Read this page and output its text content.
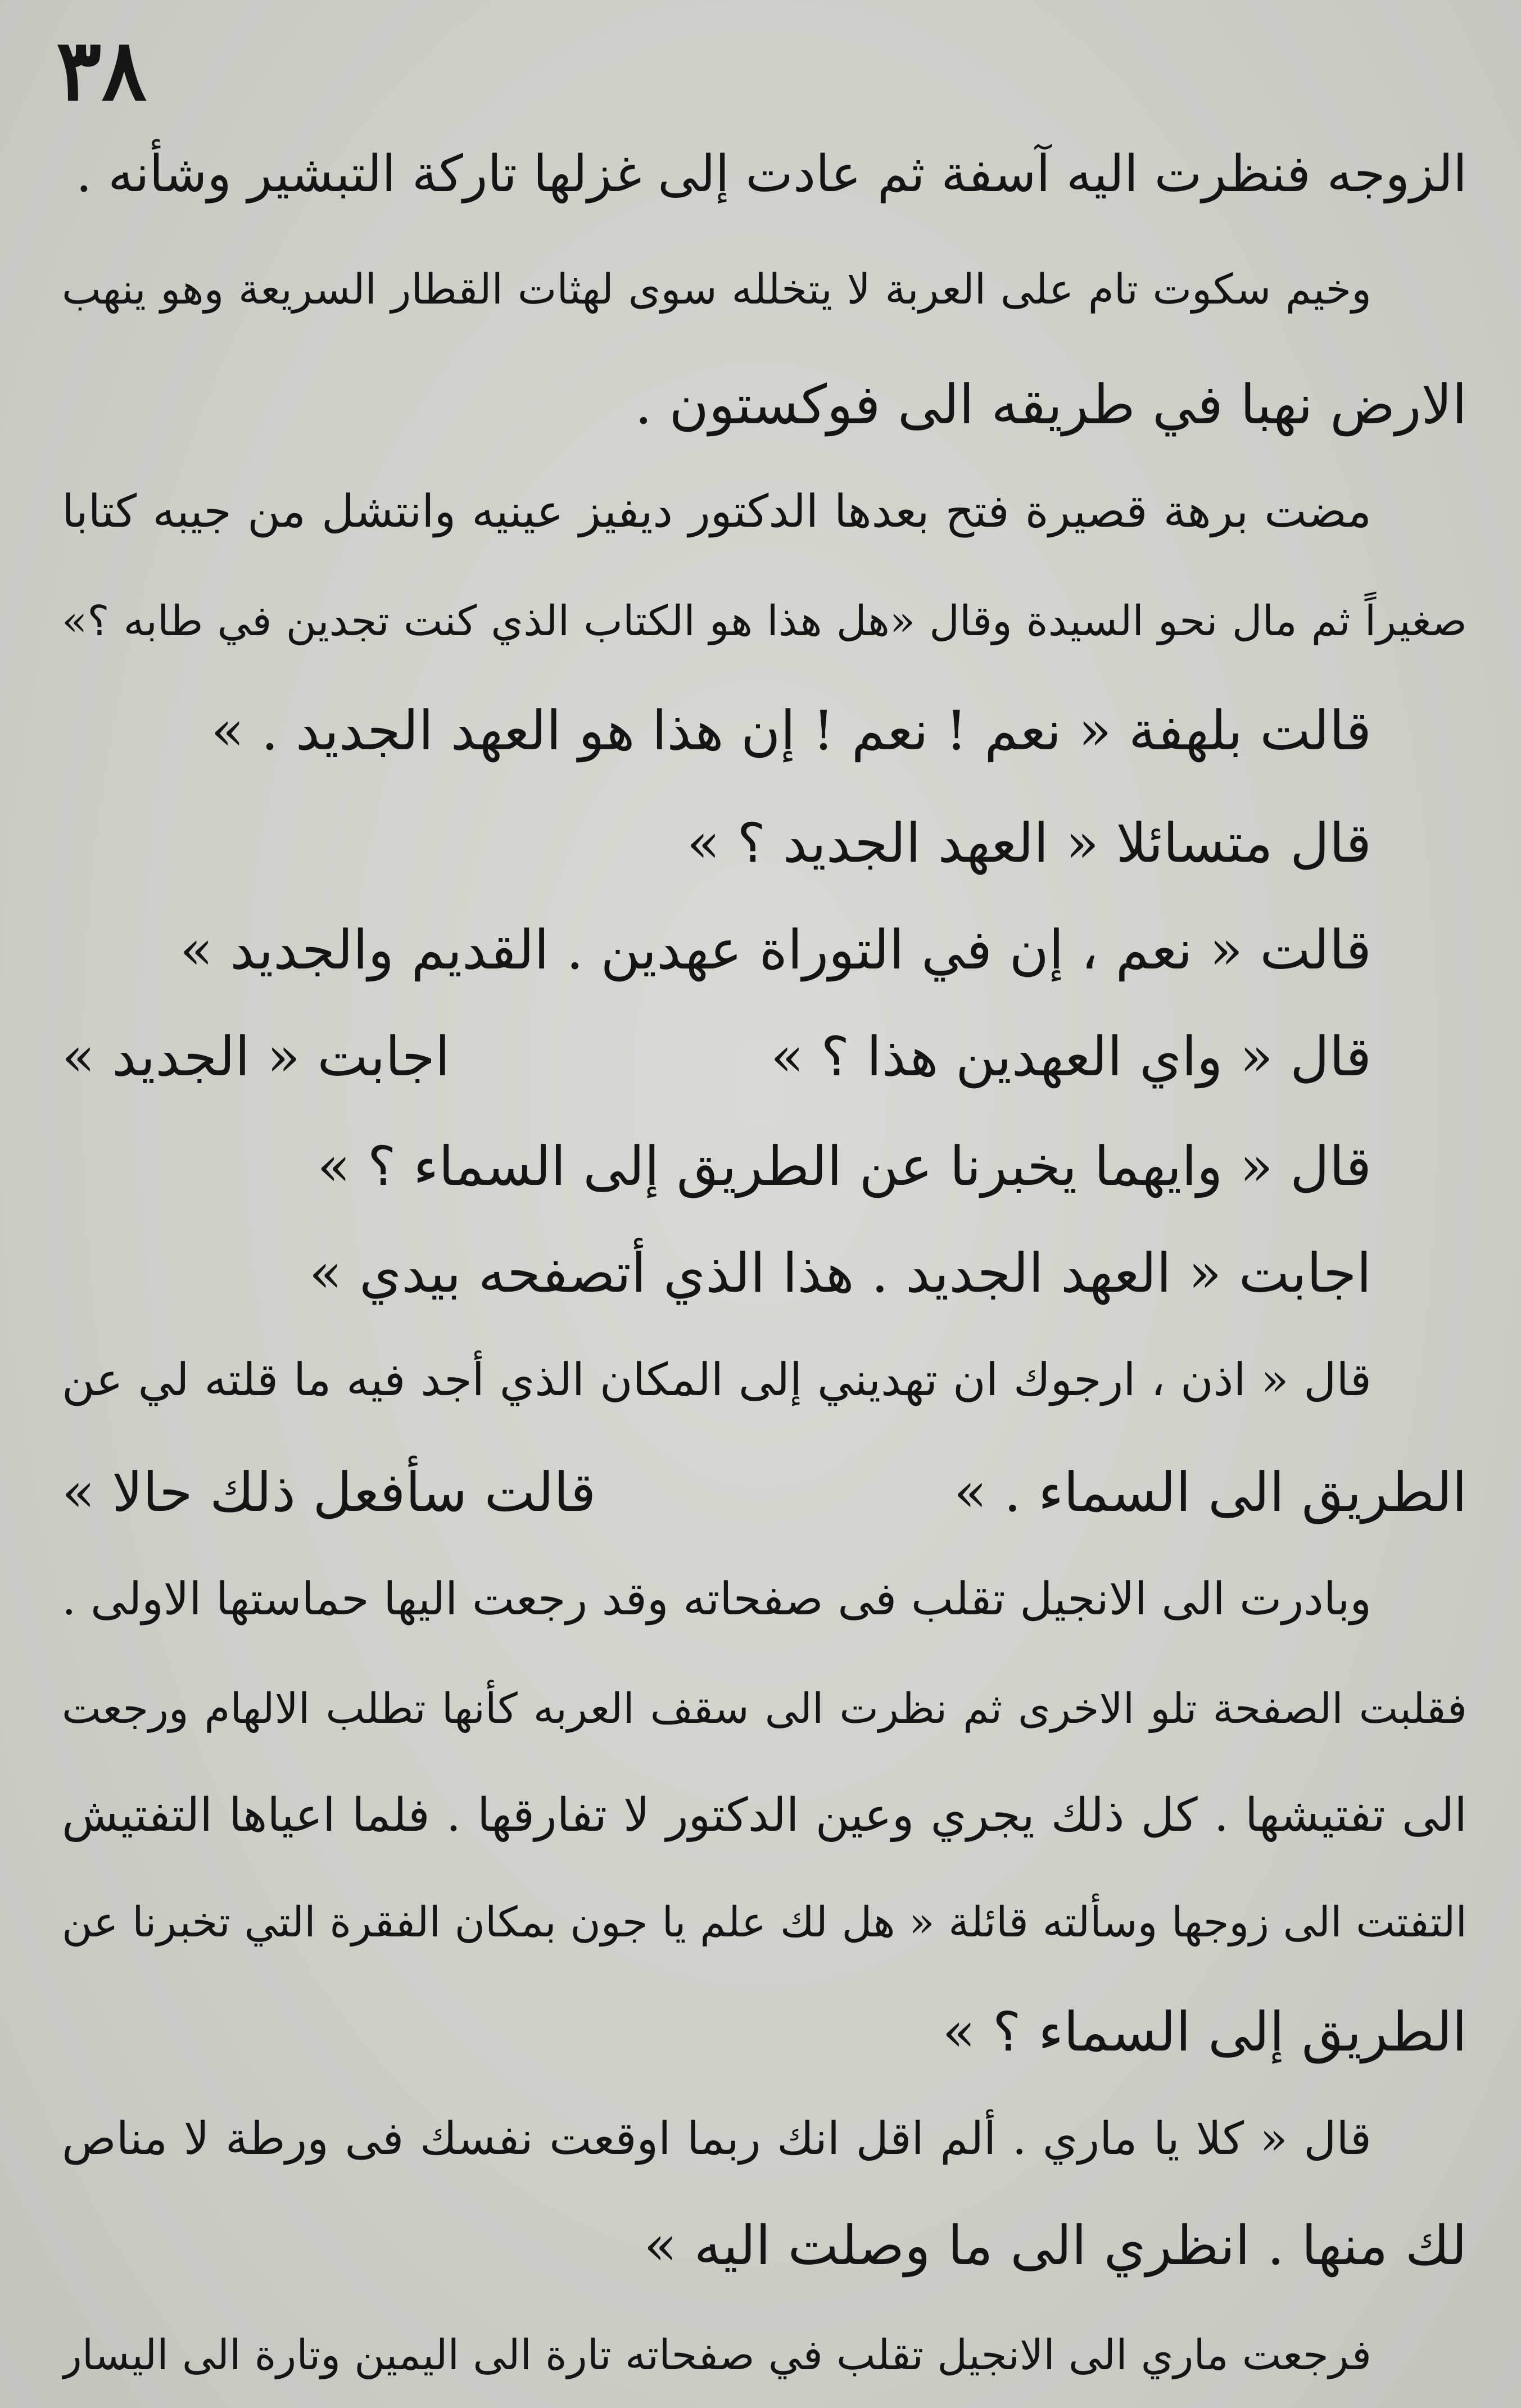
٣٨
الزوجه فنظرت اليه آسفة ثم عادت إلى غزلها تاركة التبشير وشأنه .
وخيم سكوت تام على العربة لا يتخلله سوى لهثات القطار السريعة وهو ينهب
الارض نهبا في طريقه الى فوكستون .
مضت برهة قصيرة فتح بعدها الدكتور ديفيز عينيه وانتشل من جيبه كتابا
صغيراً ثم مال نحو السيدة وقال «هل هذا هو الكتاب الذي كنت تجدين في طابه ؟»
قالت بلهفة « نعم ! نعم ! إن هذا هو العهد الجديد . »
قال متسائلا « العهد الجديد ؟ »
قالت « نعم ، إن في التوراة عهدين . القديم والجديد »
قال « واي العهدين هذا ؟ »
اجابت « الجديد »
قال « وايهما يخبرنا عن الطريق إلى السماء ؟ »
اجابت « العهد الجديد . هذا الذي أتصفحه بيدي »
قال « اذن ، ارجوك ان تهديني إلى المكان الذي أجد فيه ما قلته لي عن
الطريق الى السماء . »
قالت سأفعل ذلك حالا »
وبادرت الى الانجيل تقلب فى صفحاته وقد رجعت اليها حماستها الاولى .
فقلبت الصفحة تلو الاخرى ثم نظرت الى سقف العربه كأنها تطلب الالهام ورجعت
الى تفتيشها . كل ذلك يجري وعين الدكتور لا تفارقها . فلما اعياها التفتيش
التفتت الى زوجها وسألته قائلة « هل لك علم يا جون بمكان الفقرة التي تخبرنا عن
الطريق إلى السماء ؟ »
قال « كلا يا ماري . ألم اقل انك ربما اوقعت نفسك فى ورطة لا مناص
لك منها . انظري الى ما وصلت اليه »
فرجعت ماري الى الانجيل تقلب في صفحاته تارة الى اليمين وتارة الى اليسار
